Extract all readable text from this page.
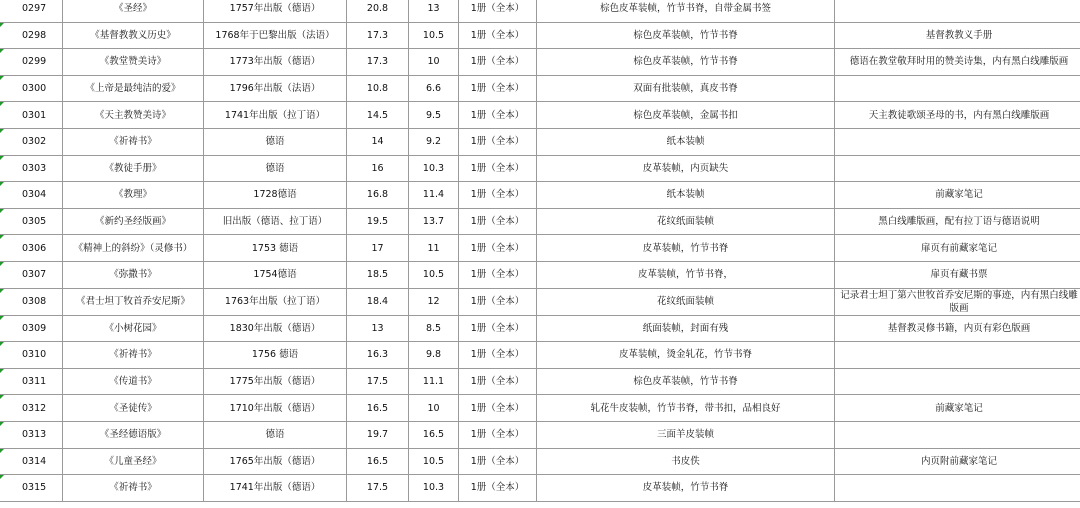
0297	《圣经》	1757年出版（德语）	20.8	13	1册（全本）	棕色皮革装帧，竹节书脊，自带金属书签	
0298	《基督教教义历史》	1768年于巴黎出版（法语）	17.3	10.5	1册（全本）	棕色皮革装帧，竹节书脊	基督教教义手册
0299	《教堂赞美诗》	1773年出版（德语）	17.3	10	1册（全本）	棕色皮革装帧，竹节书脊	德语在教堂敬拜时用的赞美诗集，内有黑白线雕版画
0300	《上帝是最纯洁的爱》	1796年出版（法语）	10.8	6.6	1册（全本）	双面有批装帧，真皮书脊	
0301	《天主教赞美诗》	1741年出版（拉丁语）	14.5	9.5	1册（全本）	棕色皮革装帧，金属书扣	天主教徒歌颂圣母的书，内有黑白线雕版画
0302	《祈祷书》	德语	14	9.2	1册（全本）	纸本装帧	
0303	《教徒手册》	德语	16	10.3	1册（全本）	皮革装帧，内页缺失	
0304	《教理》	1728德语	16.8	11.4	1册（全本）	纸本装帧	前藏家笔记
0305	《新约圣经版画》	旧出版（德语、拉丁语）	19.5	13.7	1册（全本）	花纹纸面装帧	黑白线雕版画，配有拉丁语与德语说明
0306	《精神上的斜纷》（灵修书）	1753 德语	17	11	1册（全本）	皮革装帧，竹节书脊	扉页有前藏家笔记
0307	《弥撒书》	1754德语	18.5	10.5	1册（全本）	皮革装帧，竹节书脊，	扉页有藏书票
0308	《君士坦丁牧首乔安尼斯》	1763年出版（拉丁语）	18.4	12	1册（全本）	花纹纸面装帧	记录君士坦丁第六世牧首乔安尼斯的事迹，内有黑白线雕版画
0309	《小树花园》	1830年出版（德语）	13	8.5	1册（全本）	纸面装帧，封面有残	基督教灵修书籍，内页有彩色版画
0310	《祈祷书》	1756 德语	16.3	9.8	1册（全本）	皮革装帧，烫金轧花，竹节书脊	
0311	《传道书》	1775年出版（德语）	17.5	11.1	1册（全本）	棕色皮革装帧，竹节书脊	
0312	《圣徒传》	1710年出版（德语）	16.5	10	1册（全本）	轧花牛皮装帧，竹节书脊，带书扣，品相良好	前藏家笔记
0313	《圣经德语版》	德语	19.7	16.5	1册（全本）	三面羊皮装帧	
0314	《儿童圣经》	1765年出版（德语）	16.5	10.5	1册（全本）	书皮佚	内页附前藏家笔记
0315	《祈祷书》	1741年出版（德语）	17.5	10.3	1册（全本）	皮革装帧，竹节书脊	
